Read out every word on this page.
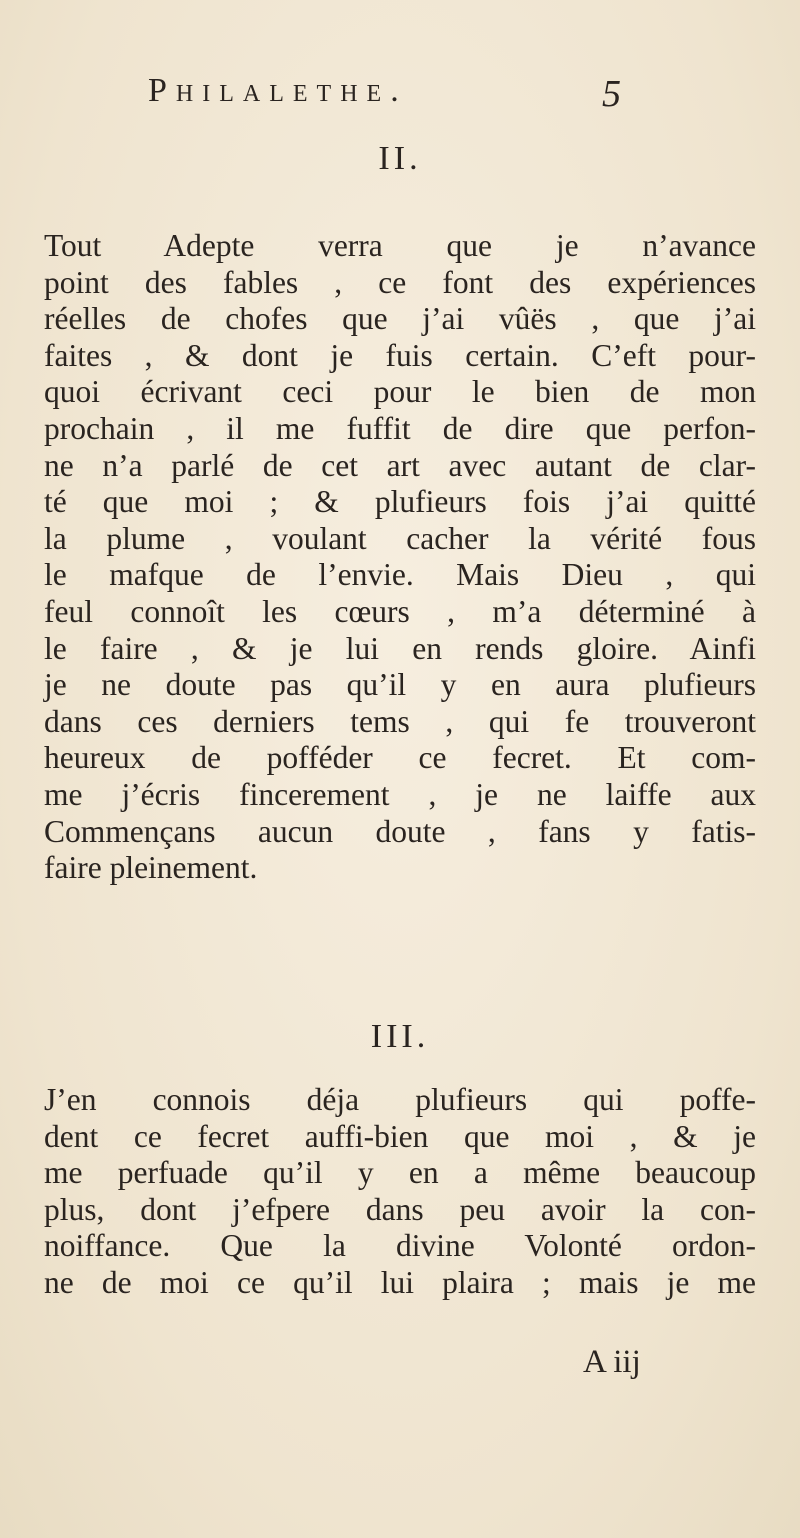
Philalethe.	5
II.
Tout Adepte verra que je n’avance
point des fables , ce font des expériences
réelles de chofes que j’ai vûës , que j’ai
faites , & dont je fuis certain. C’eft pour-
quoi écrivant ceci pour le bien de mon
prochain , il me fuffit de dire que perfon-
ne n’a parlé de cet art avec autant de clar-
té que moi ; & plufieurs fois j’ai quitté
la plume , voulant cacher la vérité fous
le mafque de l’envie. Mais Dieu , qui
feul connoît les cœurs , m’a déterminé à
le faire , & je lui en rends gloire. Ainfi
je ne doute pas qu’il y en aura plufieurs
dans ces derniers tems , qui fe trouveront
heureux de pofféder ce fecret. Et com-
me j’écris fincerement , je ne laiffe aux
Commençans aucun doute , fans y fatis-
faire pleinement.
III.
J’en connois déja plufieurs qui poffe-
dent ce fecret auffi-bien que moi , & je
me perfuade qu’il y en a même beaucoup
plus, dont j’efpere dans peu avoir la con-
noiffance. Que la divine Volonté ordon-
ne de moi ce qu’il lui plaira ; mais je me
A iij
